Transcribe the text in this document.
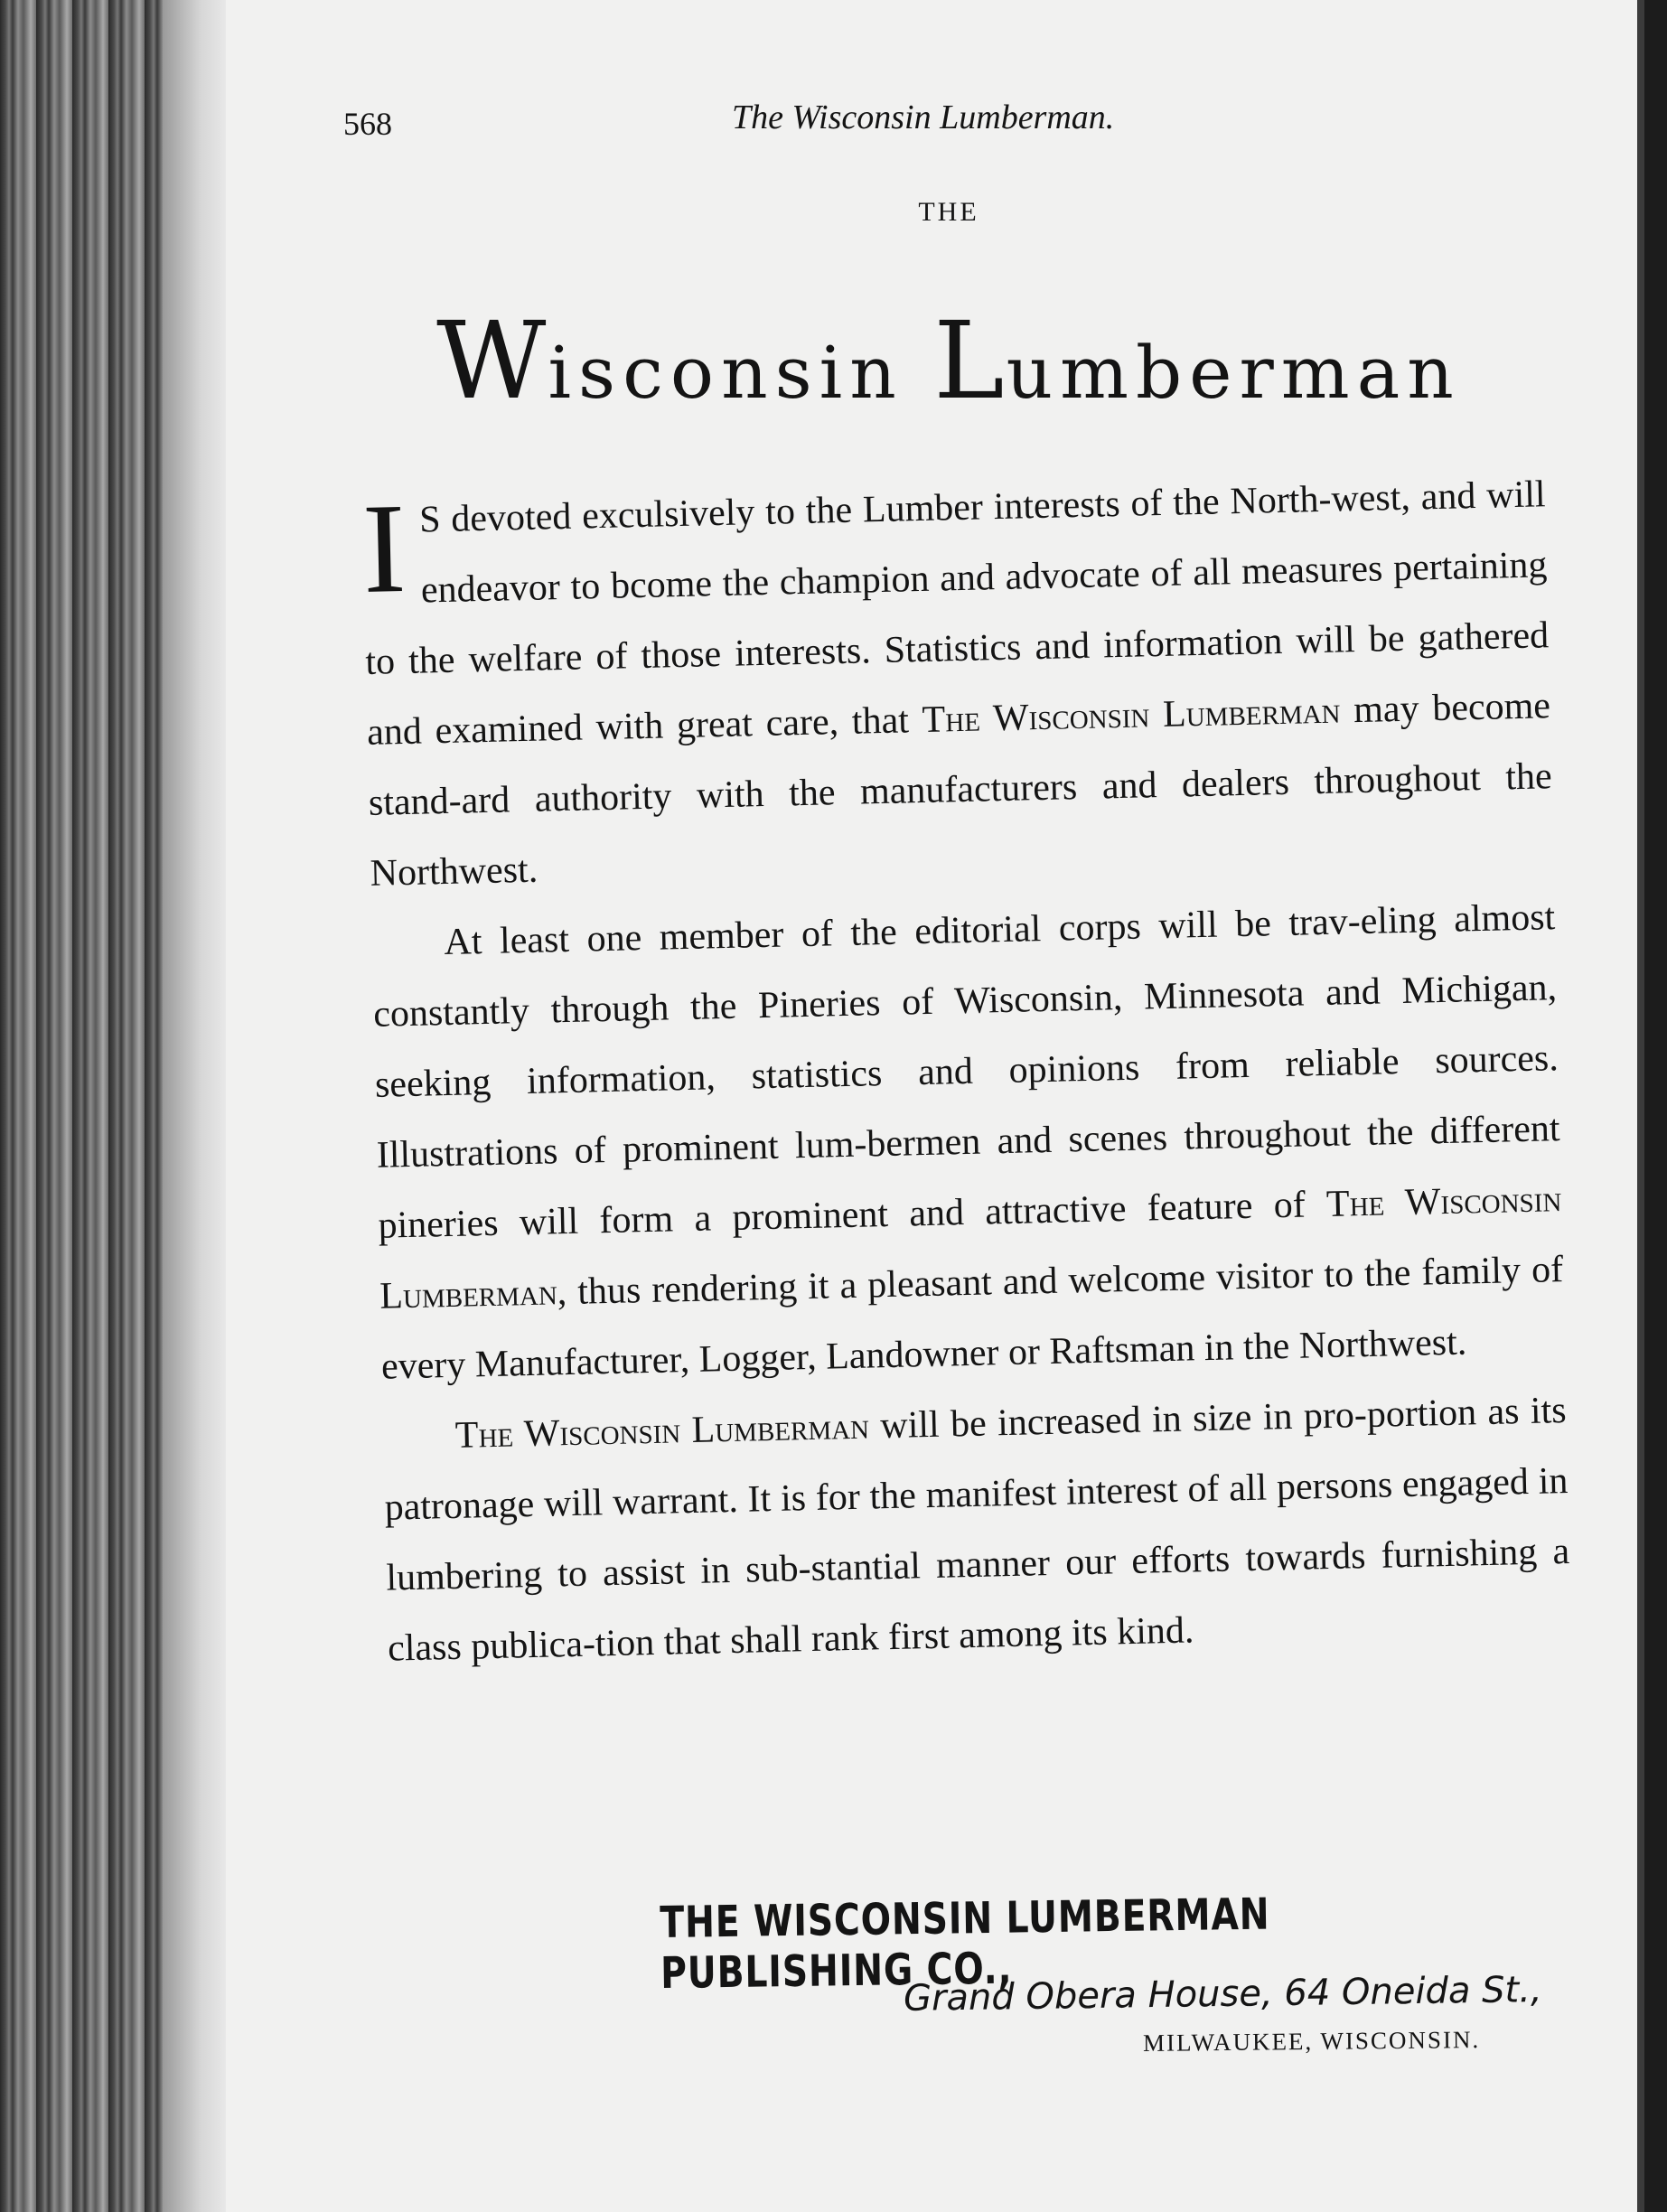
568	The Wisconsin Lumberman.
THE
Wisconsin Lumberman

I S devoted exculsively to the Lumber interests of the North-west, and will endeavor to bcome the champion and advocate of all measures pertaining to the welfare of those interests. Statistics and information will be gathered and examined with great care, that The Wisconsin Lumberman may become stand-ard authority with the manufacturers and dealers throughout the Northwest.

At least one member of the editorial corps will be trav-eling almost constantly through the Pineries of Wisconsin, Minnesota and Michigan, seeking information, statistics and opinions from reliable sources. Illustrations of prominent lum-bermen and scenes throughout the different pineries will form a prominent and attractive feature of The Wisconsin Lumberman, thus rendering it a pleasant and welcome visitor to the family of every Manufacturer, Logger, Landowner or Raftsman in the Northwest.

The Wisconsin Lumberman will be increased in size in pro-portion as its patronage will warrant. It is for the manifest interest of all persons engaged in lumbering to assist in sub-stantial manner our efforts towards furnishing a class publica-tion that shall rank first among its kind.

THE WISCONSIN LUMBERMAN PUBLISHING CO.,
Grand Obera House, 64 Oneida St.,
MILWAUKEE, WISCONSIN.
